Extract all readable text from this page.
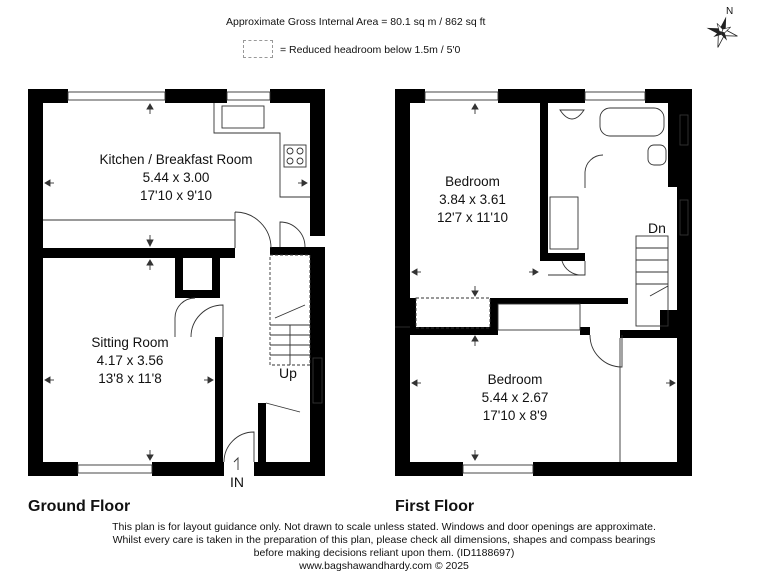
Approximate Gross Internal Area = 80.1 sq m / 862 sq ft
= Reduced headroom below 1.5m / 5'0
N
Kitchen / Breakfast Room
5.44 x 3.00
17'10 x 9'10
Sitting Room
4.17 x 3.56
13'8 x 11'8	Up
IN
Bedroom
3.84 x 3.61
12'7 x 11'10
Bedroom
5.44 x 2.67
17'10 x 8'9
Dn
Ground Floor	First Floor
This plan is for layout guidance only. Not drawn to scale unless stated. Windows and door openings are approximate.
Whilst every care is taken in the preparation of this plan, please check all dimensions, shapes and compass bearings
before making decisions reliant upon them. (ID1188697)
www.bagshawandhardy.com © 2025
